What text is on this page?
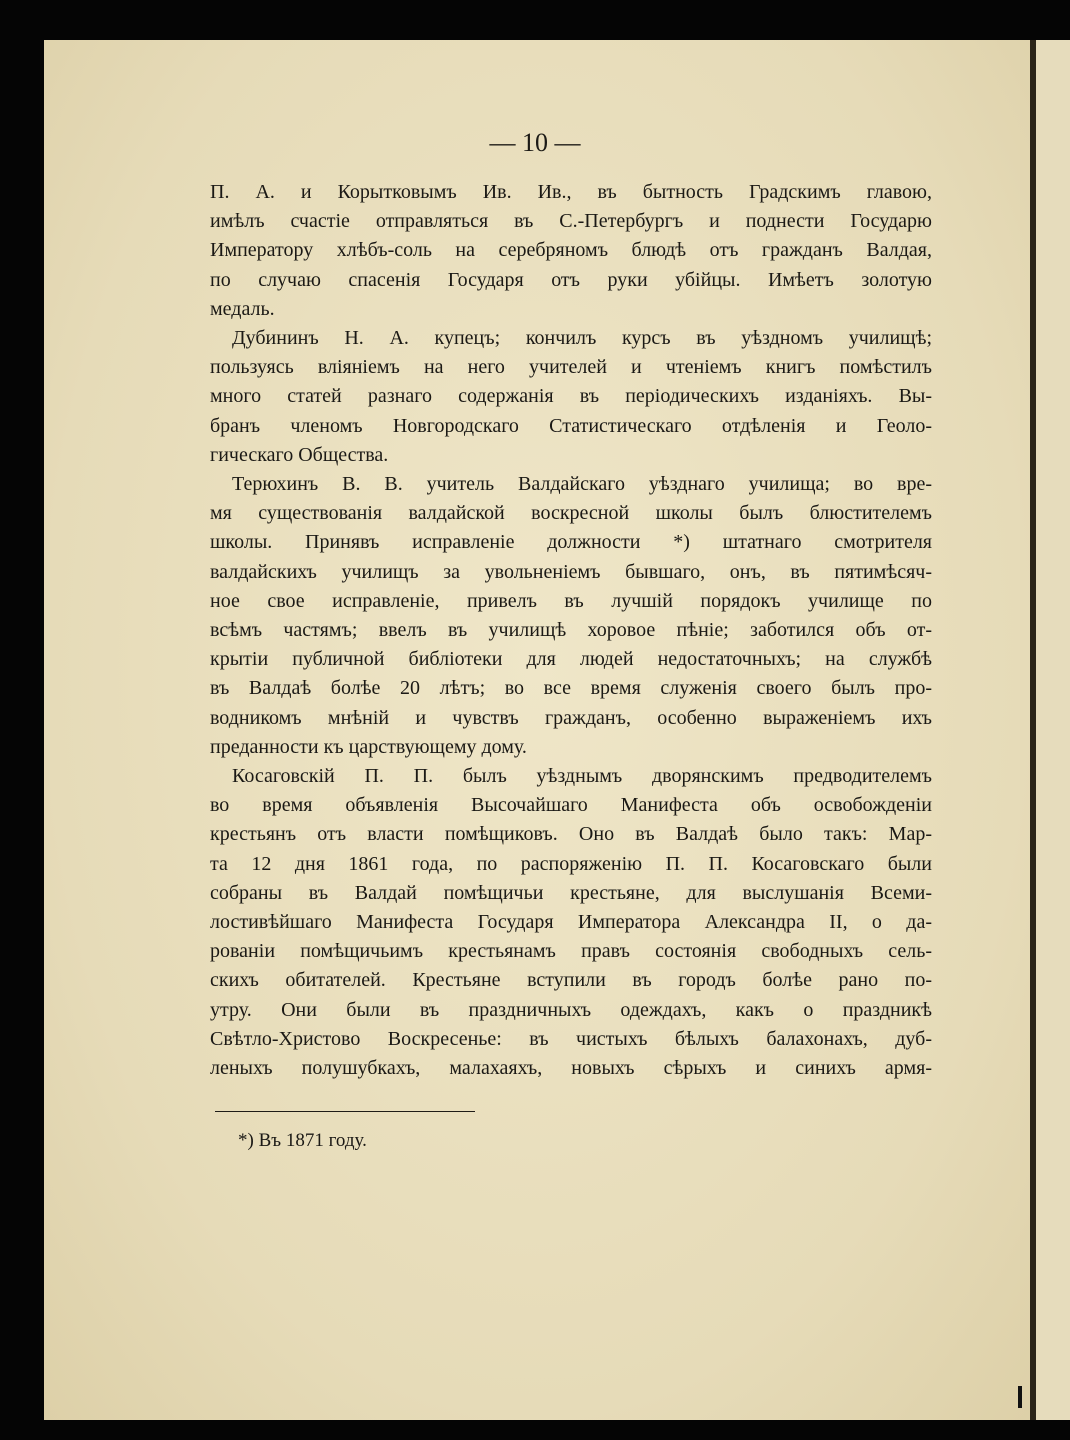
— 10 —

П. А. и Корытковымъ Ив. Ив., въ бытность Градскимъ главою,
имѣлъ счастіе отправляться въ С.-Петербургъ и поднести Государю
Императору хлѣбъ-соль на серебряномъ блюдѣ отъ гражданъ Валдая,
по случаю спасенія Государя отъ руки убійцы. Имѣетъ золотую
медаль.

Дубининъ Н. А. купецъ; кончилъ курсъ въ уѣздномъ училищѣ;
пользуясь вліяніемъ на него учителей и чтеніемъ книгъ помѣстилъ
много статей разнаго содержанія въ періодическихъ изданіяхъ. Вы-
бранъ членомъ Новгородскаго Статистическаго отдѣленія и Геоло-
гическаго Общества.

Терюхинъ В. В. учитель Валдайскаго уѣзднаго училища; во вре-
мя существованія валдайской воскресной школы былъ блюстителемъ
школы. Принявъ исправленіе должности *) штатнаго смотрителя
валдайскихъ училищъ за увольненіемъ бывшаго, онъ, въ пятимѣсяч-
ное свое исправленіе, привелъ въ лучшій порядокъ училище по
всѣмъ частямъ; ввелъ въ училищѣ хоровое пѣніе; заботился объ от-
крытіи публичной библіотеки для людей недостаточныхъ; на службѣ
въ Валдаѣ болѣе 20 лѣтъ; во все время служенія своего былъ про-
водникомъ мнѣній и чувствъ гражданъ, особенно выраженіемъ ихъ
преданности къ царствующему дому.

Косаговскій П. П. былъ уѣзднымъ дворянскимъ предводителемъ
во время объявленія Высочайшаго Манифеста объ освобожденіи
крестьянъ отъ власти помѣщиковъ. Оно въ Валдаѣ было такъ: Мар-
та 12 дня 1861 года, по распоряженію П. П. Косаговскаго были
собраны въ Валдай помѣщичьи крестьяне, для выслушанія Всеми-
лостивѣйшаго Манифеста Государя Императора Александра II, о да-
рованіи помѣщичьимъ крестьянамъ правъ состоянія свободныхъ сель-
скихъ обитателей. Крестьяне вступили въ городъ болѣе рано по-
утру. Они были въ праздничныхъ одеждахъ, какъ о праздникѣ
Свѣтло-Христово Воскресенье: въ чистыхъ бѣлыхъ балахонахъ, дуб-
леныхъ полушубкахъ, малахаяхъ, новыхъ сѣрыхъ и синихъ армя-

*) Въ 1871 году.
